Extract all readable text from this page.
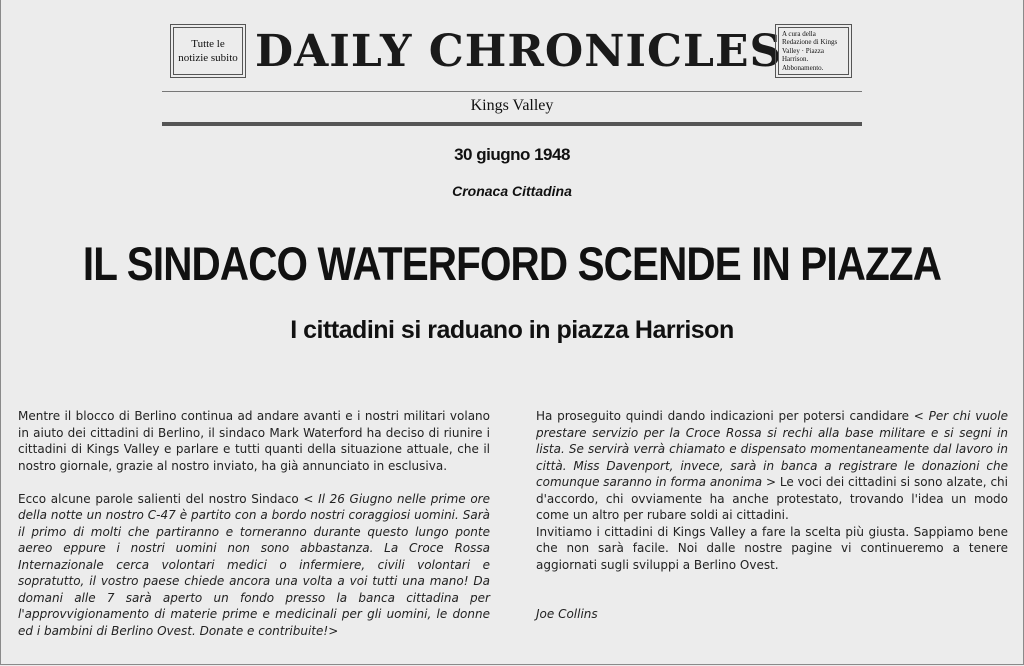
Tutte le notizie subito DAILY CHRONICLES A cura della Redazione di Kings Valley · Piazza Harrison. Abbonamento.
Kings Valley
30 giugno 1948
Cronaca Cittadina
IL SINDACO WATERFORD SCENDE IN PIAZZA
I cittadini si raduano in piazza Harrison

Mentre il blocco di Berlino continua ad andare avanti e i nostri militari volano in aiuto dei cittadini di Berlino, il sindaco Mark Waterford ha deciso di riunire i cittadini di Kings Valley e parlare e tutti quanti della situazione attuale, che il nostro giornale, grazie al nostro inviato, ha già annunciato in esclusiva.

Ecco alcune parole salienti del nostro Sindaco < Il 26 Giugno nelle prime ore della notte un nostro C-47 è partito con a bordo nostri coraggiosi uomini. Sarà il primo di molti che partiranno e torneranno durante questo lungo ponte aereo eppure i nostri uomini non sono abbastanza. La Croce Rossa Internazionale cerca volontari medici o infermiere, civili volontari e sopratutto, il vostro paese chiede ancora una volta a voi tutti una mano! Da domani alle 7 sarà aperto un fondo presso la banca cittadina per l'approvvigionamento di materie prime e medicinali per gli uomini, le donne ed i bambini di Berlino Ovest. Donate e contribuite!>

Ha proseguito quindi dando indicazioni per potersi candidare < Per chi vuole prestare servizio per la Croce Rossa si rechi alla base militare e si segni in lista. Se servirà verrà chiamato e dispensato momentaneamente dal lavoro in città. Miss Davenport, invece, sarà in banca a registrare le donazioni che comunque saranno in forma anonima > Le voci dei cittadini si sono alzate, chi d'accordo, chi ovviamente ha anche protestato, trovando l'idea un modo come un altro per rubare soldi ai cittadini.

Invitiamo i cittadini di Kings Valley a fare la scelta più giusta. Sappiamo bene che non sarà facile. Noi dalle nostre pagine vi continueremo a tenere aggiornati sugli sviluppi a Berlino Ovest.

Joe Collins
